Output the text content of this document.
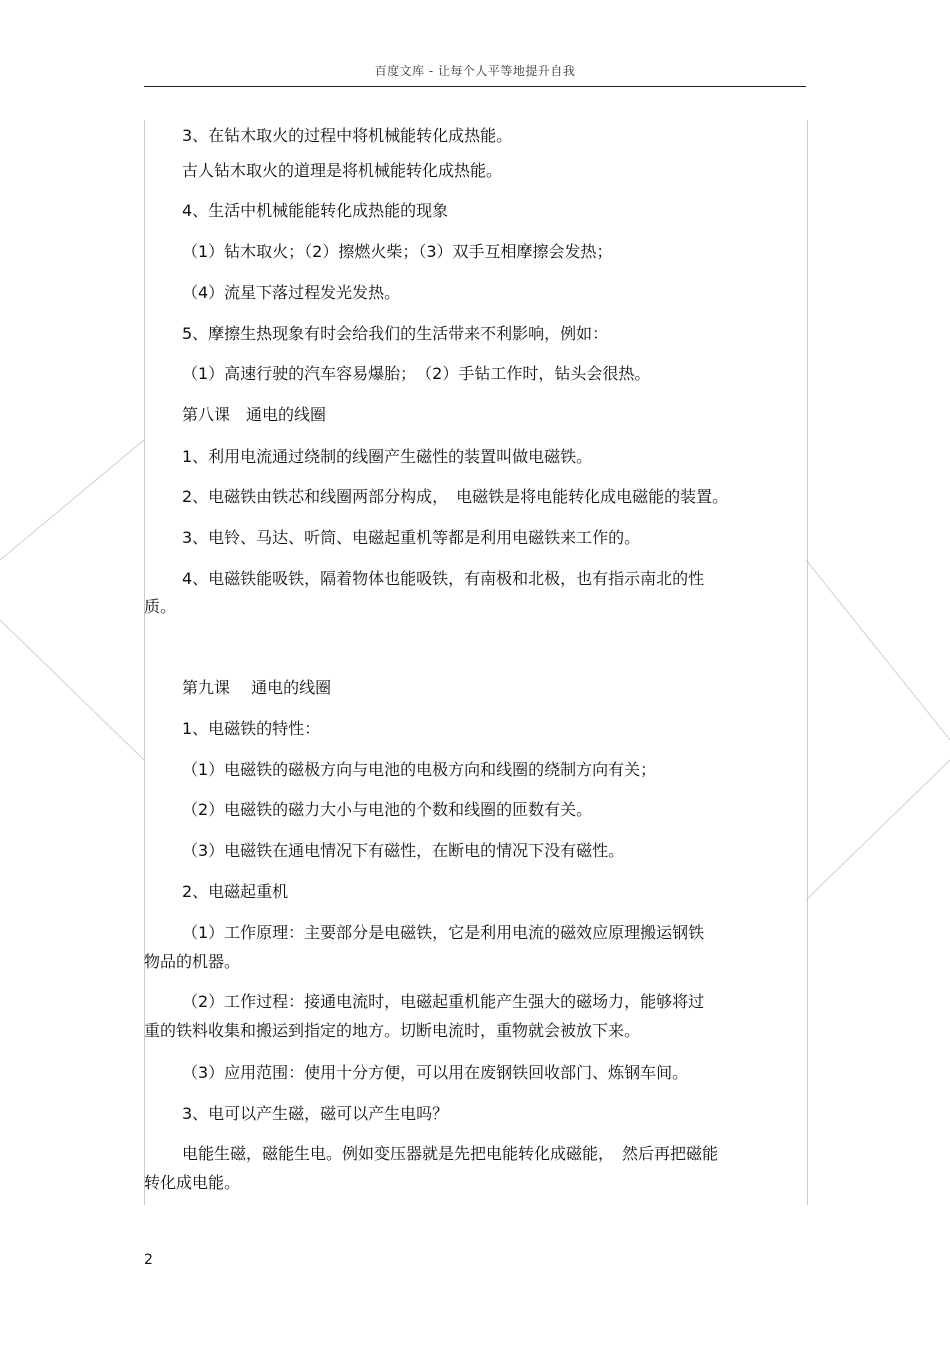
百度文库 - 让每个人平等地提升自我
3、在钻木取火的过程中将机械能转化成热能。
古人钻木取火的道理是将机械能转化成热能。
4、生活中机械能能转化成热能的现象
（1）钻木取火；（2）擦燃火柴；（3）双手互相摩擦会发热；
（4）流星下落过程发光发热。
5、摩擦生热现象有时会给我们的生活带来不利影响，例如：
（1）高速行驶的汽车容易爆胎；　（2）手钻工作时，钻头会很热。
第八课　通电的线圈
1、利用电流通过绕制的线圈产生磁性的装置叫做电磁铁。
2、电磁铁由铁芯和线圈两部分构成，　电磁铁是将电能转化成电磁能的装置。
3、电铃、马达、听筒、电磁起重机等都是利用电磁铁来工作的。
4、电磁铁能吸铁，隔着物体也能吸铁，有南极和北极，也有指示南北的性
质。
第九课　 通电的线圈
1、电磁铁的特性：
（1）电磁铁的磁极方向与电池的电极方向和线圈的绕制方向有关；
（2）电磁铁的磁力大小与电池的个数和线圈的匝数有关。
（3）电磁铁在通电情况下有磁性，在断电的情况下没有磁性。
2、电磁起重机
（1）工作原理：主要部分是电磁铁，它是利用电流的磁效应原理搬运钢铁
物品的机器。
（2）工作过程：接通电流时，电磁起重机能产生强大的磁场力，能够将过
重的铁料收集和搬运到指定的地方。切断电流时，重物就会被放下来。
（3）应用范围：使用十分方便，可以用在废钢铁回收部门、炼钢车间。
3、电可以产生磁，磁可以产生电吗？
电能生磁，磁能生电。例如变压器就是先把电能转化成磁能，　然后再把磁能
转化成电能。
2
